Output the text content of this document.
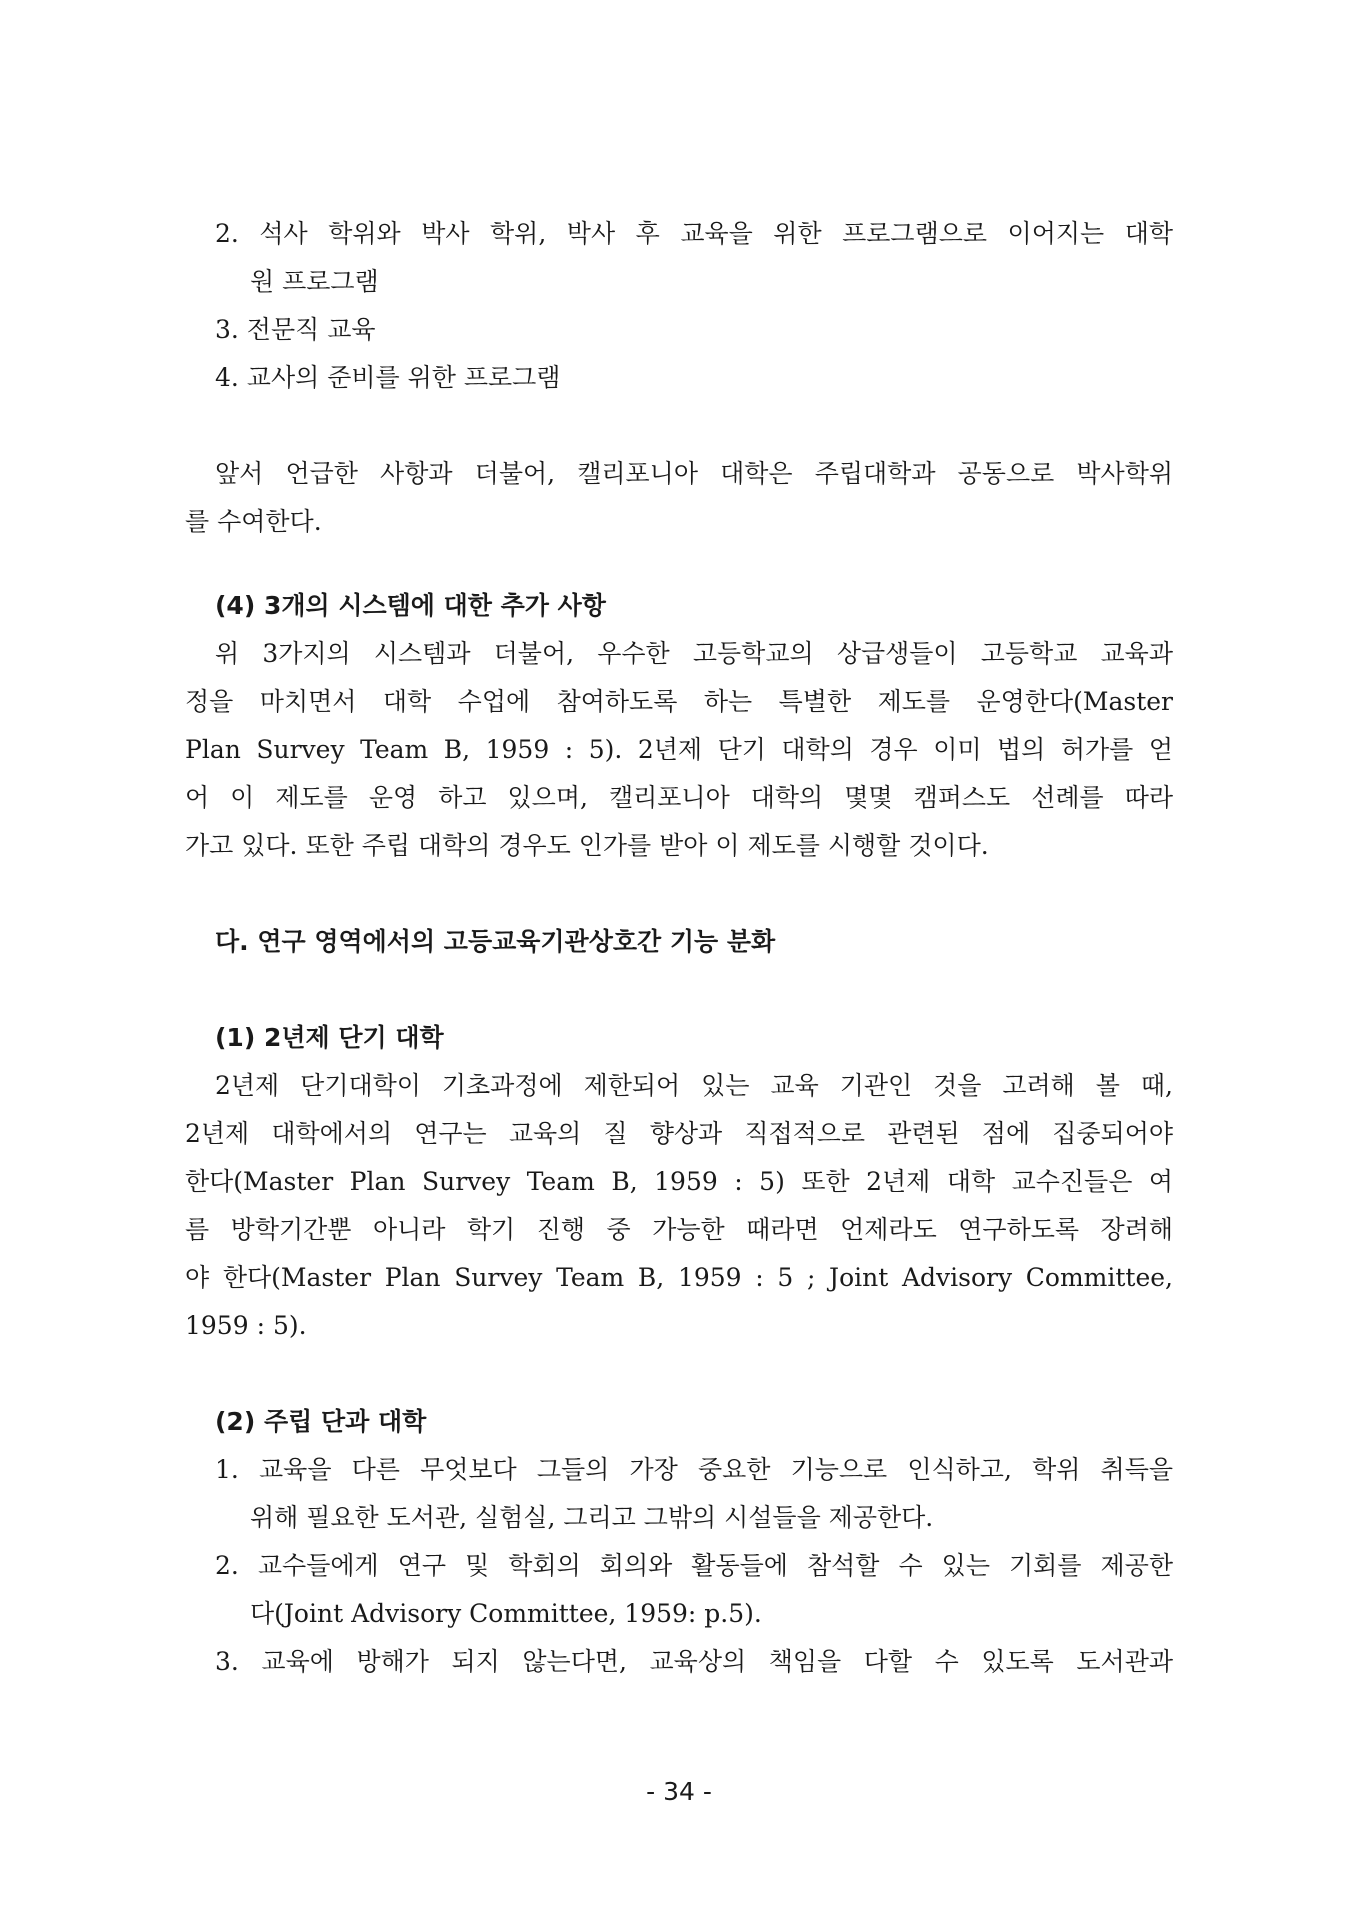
2. 석사 학위와 박사 학위, 박사 후 교육을 위한 프로그램으로 이어지는 대학
원 프로그램
3. 전문직 교육
4. 교사의 준비를 위한 프로그램
앞서 언급한 사항과 더불어, 캘리포니아 대학은 주립대학과 공동으로 박사학위
를 수여한다.
(4) 3개의 시스템에 대한 추가 사항
위 3가지의 시스템과 더불어, 우수한 고등학교의 상급생들이 고등학교 교육과
정을 마치면서 대학 수업에 참여하도록 하는 특별한 제도를 운영한다(Master
Plan Survey Team B, 1959 : 5). 2년제 단기 대학의 경우 이미 법의 허가를 얻
어 이 제도를 운영 하고 있으며, 캘리포니아 대학의 몇몇 캠퍼스도 선례를 따라
가고 있다. 또한 주립 대학의 경우도 인가를 받아 이 제도를 시행할 것이다.
다. 연구 영역에서의 고등교육기관상호간 기능 분화
(1) 2년제 단기 대학
2년제 단기대학이 기초과정에 제한되어 있는 교육 기관인 것을 고려해 볼 때,
2년제 대학에서의 연구는 교육의 질 향상과 직접적으로 관련된 점에 집중되어야
한다(Master Plan Survey Team B, 1959 : 5) 또한 2년제 대학 교수진들은 여
름 방학기간뿐 아니라 학기 진행 중 가능한 때라면 언제라도 연구하도록 장려해
야 한다(Master Plan Survey Team B, 1959 : 5 ; Joint Advisory Committee,
1959 : 5).
(2) 주립 단과 대학
1. 교육을 다른 무엇보다 그들의 가장 중요한 기능으로 인식하고, 학위 취득을
위해 필요한 도서관, 실험실, 그리고 그밖의 시설들을 제공한다.
2. 교수들에게 연구 및 학회의 회의와 활동들에 참석할 수 있는 기회를 제공한
다(Joint Advisory Committee, 1959: p.5).
3. 교육에 방해가 되지 않는다면, 교육상의 책임을 다할 수 있도록 도서관과
- 34 -
